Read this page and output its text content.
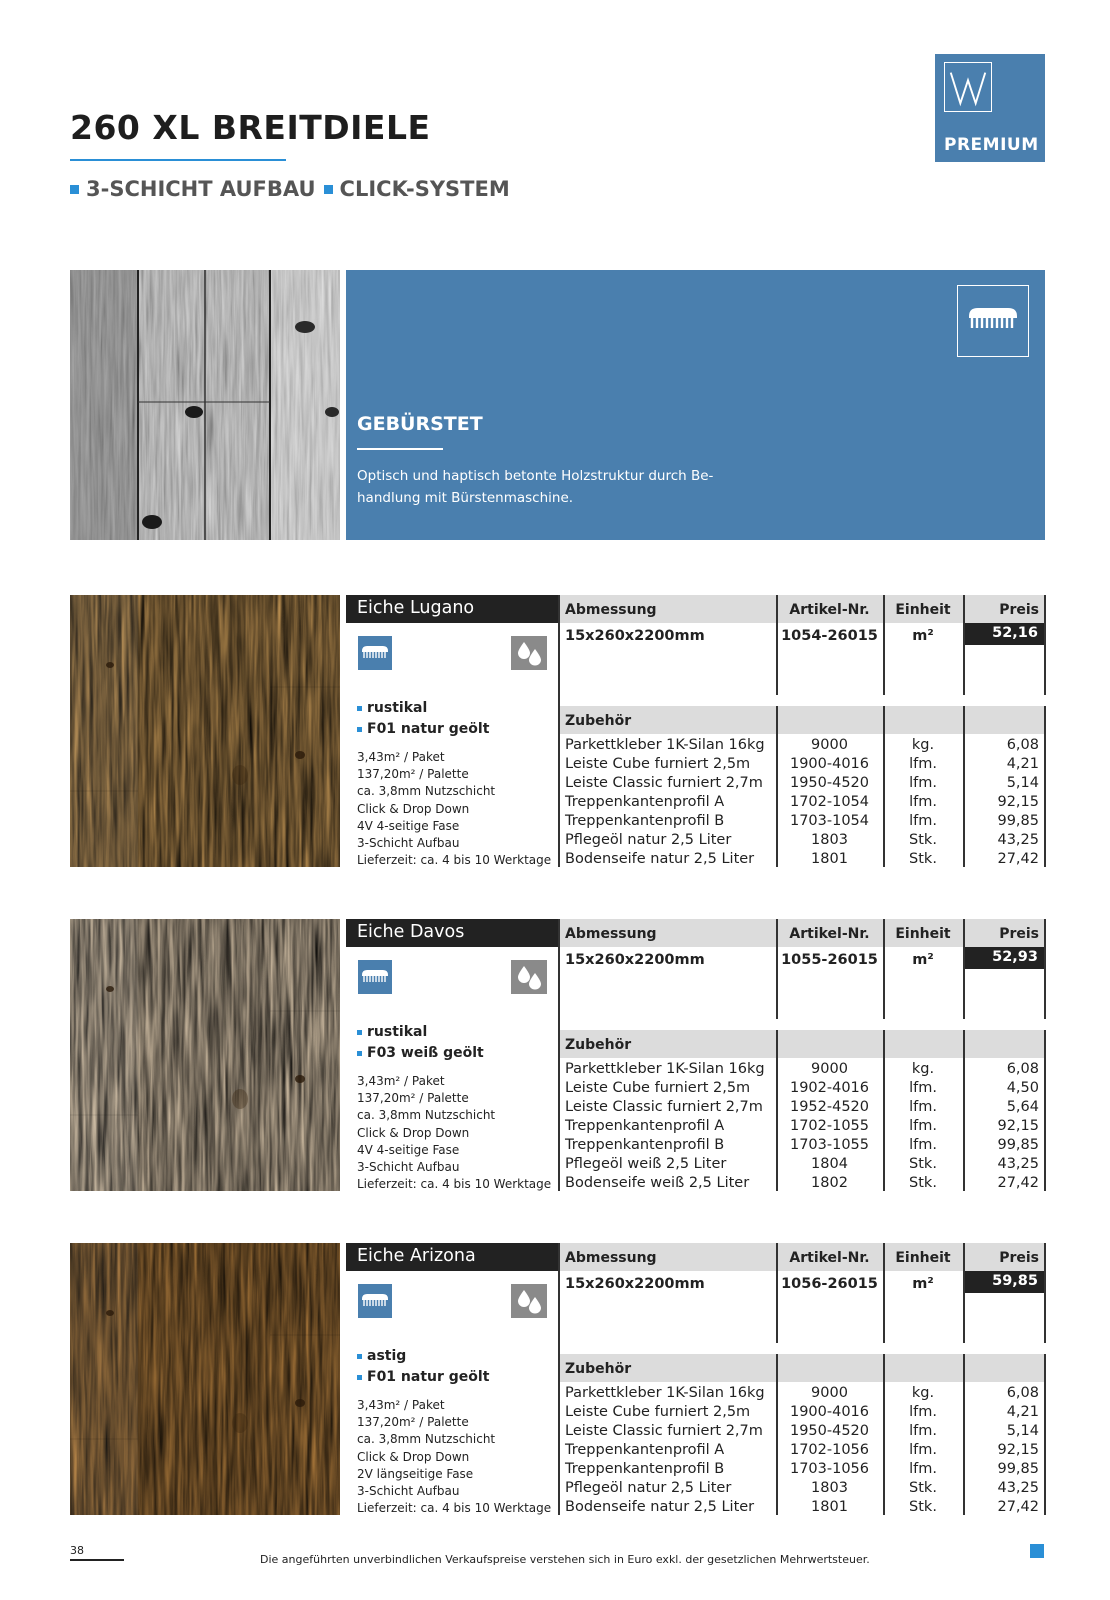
260 XL BREITDIELE
3-SCHICHT AUFBAU CLICK-SYSTEM
PREMIUM
GEBÜRSTET
Optisch und haptisch betonte Holzstruktur durch Be- handlung mit Bürstenmaschine.
Eiche Lugano
rustikal
F01 natur geölt
3,43m² / Paket
137,20m² / Palette
ca. 3,8mm Nutzschicht
Click & Drop Down
4V 4-seitige Fase
3-Schicht Aufbau
Lieferzeit: ca. 4 bis 10 Werktage
Abmessung	Artikel-Nr.	Einheit	Preis
15x260x2200mm	1054-26015	m²	52,16
Zubehör
Parkettkleber 1K-Silan 16kg	9000	kg.	6,08
Leiste Cube furniert 2,5m	1900-4016	lfm.	4,21
Leiste Classic furniert 2,7m	1950-4520	lfm.	5,14
Treppenkantenprofil A	1702-1054	lfm.	92,15
Treppenkantenprofil B	1703-1054	lfm.	99,85
Pflegeöl natur 2,5 Liter	1803	Stk.	43,25
Bodenseife natur 2,5 Liter	1801	Stk.	27,42
Eiche Davos
rustikal
F03 weiß geölt
3,43m² / Paket
137,20m² / Palette
ca. 3,8mm Nutzschicht
Click & Drop Down
4V 4-seitige Fase
3-Schicht Aufbau
Lieferzeit: ca. 4 bis 10 Werktage
Abmessung	Artikel-Nr.	Einheit	Preis
15x260x2200mm	1055-26015	m²	52,93
Zubehör
Parkettkleber 1K-Silan 16kg	9000	kg.	6,08
Leiste Cube furniert 2,5m	1902-4016	lfm.	4,50
Leiste Classic furniert 2,7m	1952-4520	lfm.	5,64
Treppenkantenprofil A	1702-1055	lfm.	92,15
Treppenkantenprofil B	1703-1055	lfm.	99,85
Pflegeöl weiß 2,5 Liter	1804	Stk.	43,25
Bodenseife weiß 2,5 Liter	1802	Stk.	27,42
Eiche Arizona
astig
F01 natur geölt
3,43m² / Paket
137,20m² / Palette
ca. 3,8mm Nutzschicht
Click & Drop Down
2V längseitige Fase
3-Schicht Aufbau
Lieferzeit: ca. 4 bis 10 Werktage
Abmessung	Artikel-Nr.	Einheit	Preis
15x260x2200mm	1056-26015	m²	59,85
Zubehör
Parkettkleber 1K-Silan 16kg	9000	kg.	6,08
Leiste Cube furniert 2,5m	1900-4016	lfm.	4,21
Leiste Classic furniert 2,7m	1950-4520	lfm.	5,14
Treppenkantenprofil A	1702-1056	lfm.	92,15
Treppenkantenprofil B	1703-1056	lfm.	99,85
Pflegeöl natur 2,5 Liter	1803	Stk.	43,25
Bodenseife natur 2,5 Liter	1801	Stk.	27,42
38
Die angeführten unverbindlichen Verkaufspreise verstehen sich in Euro exkl. der gesetzlichen Mehrwertsteuer.
